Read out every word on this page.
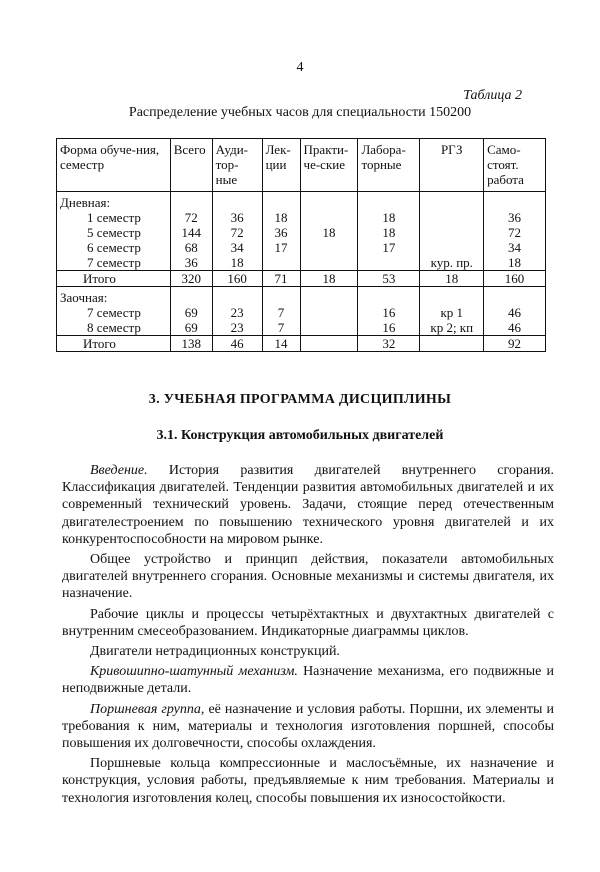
4
Таблица 2
Распределение учебных часов для специальности 150200
Форма обуче-ния, семестр	Всего	Ауди-тор-ные	Лек-ции	Практи-че-ские	Лабора-торные	РГЗ	Само-стоят. работа
Дневная:							
1 семестр	72	36	18		18		36
5 семестр	144	72	36	18	18		72
6 семестр	68	34	17		17		34
7 семестр	36	18				кур. пр.	18
Итого	320	160	71	18	53	18	160
Заочная:							
7 семестр	69	23	7		16	кр 1	46
8 семестр	69	23	7		16	кр 2; кп	46
Итого	138	46	14		32		92
3. УЧЕБНАЯ ПРОГРАММА ДИСЦИПЛИНЫ
3.1. Конструкция автомобильных двигателей

Введение. История развития двигателей внутреннего сгорания. Классификация двигателей. Тенденции развития автомобильных двигателей и их современный технический уровень. Задачи, стоящие перед отечественным двигателестроением по повышению технического уровня двигателей и их конкурентоспособности на мировом рынке.

Общее устройство и принцип действия, показатели автомобильных двигателей внутреннего сгорания. Основные механизмы и системы двигателя, их назначение.

Рабочие циклы и процессы четырёхтактных и двухтактных двигателей с внутренним смесеобразованием. Индикаторные диаграммы циклов.

Двигатели нетрадиционных конструкций.

Кривошипно-шатунный механизм. Назначение механизма, его подвижные и неподвижные детали.

Поршневая группа, её назначение и условия работы. Поршни, их элементы и требования к ним, материалы и технология изготовления поршней, способы повышения их долговечности, способы охлаждения.

Поршневые кольца компрессионные и маслосъёмные, их назначение и конструкция, условия работы, предъявляемые к ним требования. Материалы и технология изготовления колец, способы повышения их износостойкости.
